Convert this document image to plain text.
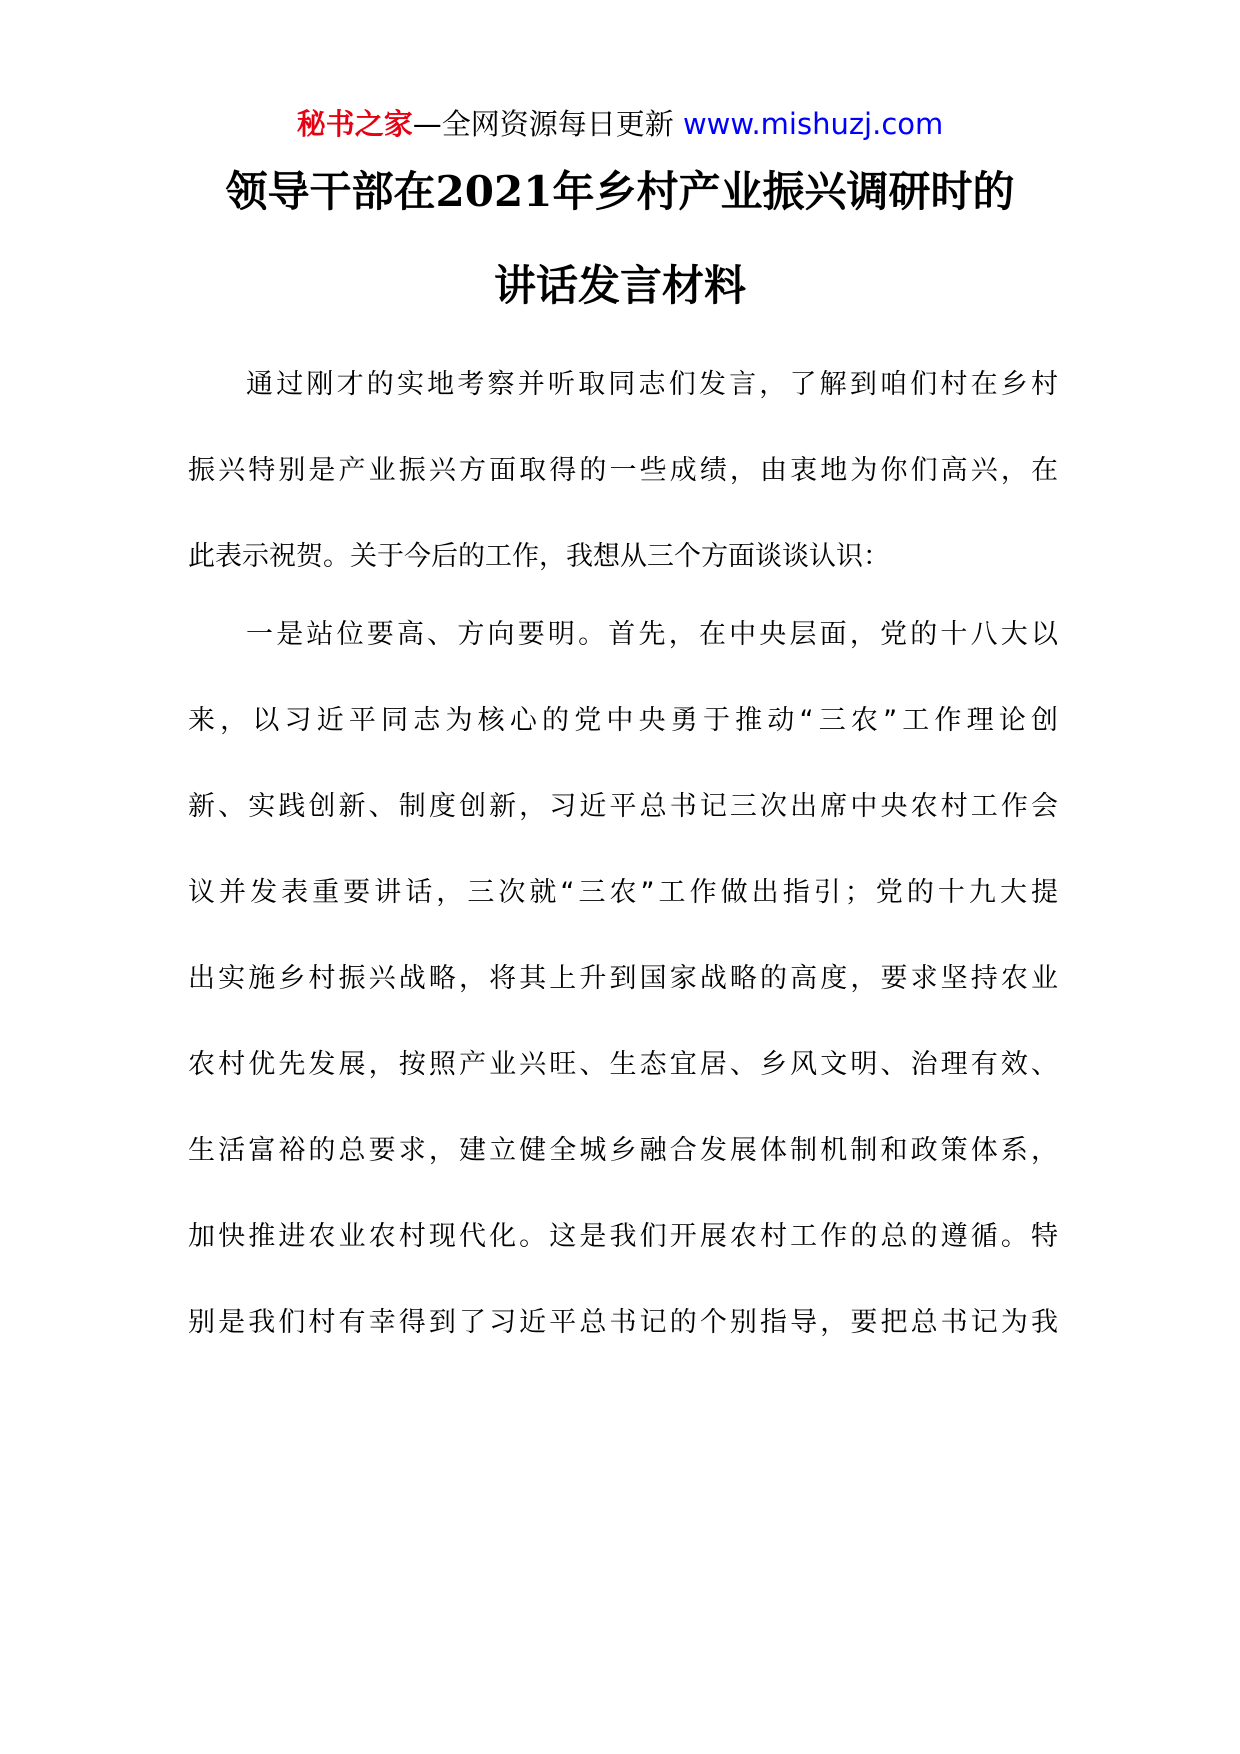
秘书之家—全网资源每日更新 www.mishuzj.com
领导干部在2021年乡村产业振兴调研时的
讲话发言材料
通过刚才的实地考察并听取同志们发言，了解到咱们村在乡村
振兴特别是产业振兴方面取得的一些成绩，由衷地为你们高兴，在
此表示祝贺。关于今后的工作，我想从三个方面谈谈认识：
一是站位要高、方向要明。首先，在中央层面，党的十八大以
来，以习近平同志为核心的党中央勇于推动“三农”工作理论创
新、实践创新、制度创新，习近平总书记三次出席中央农村工作会
议并发表重要讲话，三次就“三农”工作做出指引；党的十九大提
出实施乡村振兴战略，将其上升到国家战略的高度，要求坚持农业
农村优先发展，按照产业兴旺、生态宜居、乡风文明、治理有效、
生活富裕的总要求，建立健全城乡融合发展体制机制和政策体系，
加快推进农业农村现代化。这是我们开展农村工作的总的遵循。特
别是我们村有幸得到了习近平总书记的个别指导，要把总书记为我
